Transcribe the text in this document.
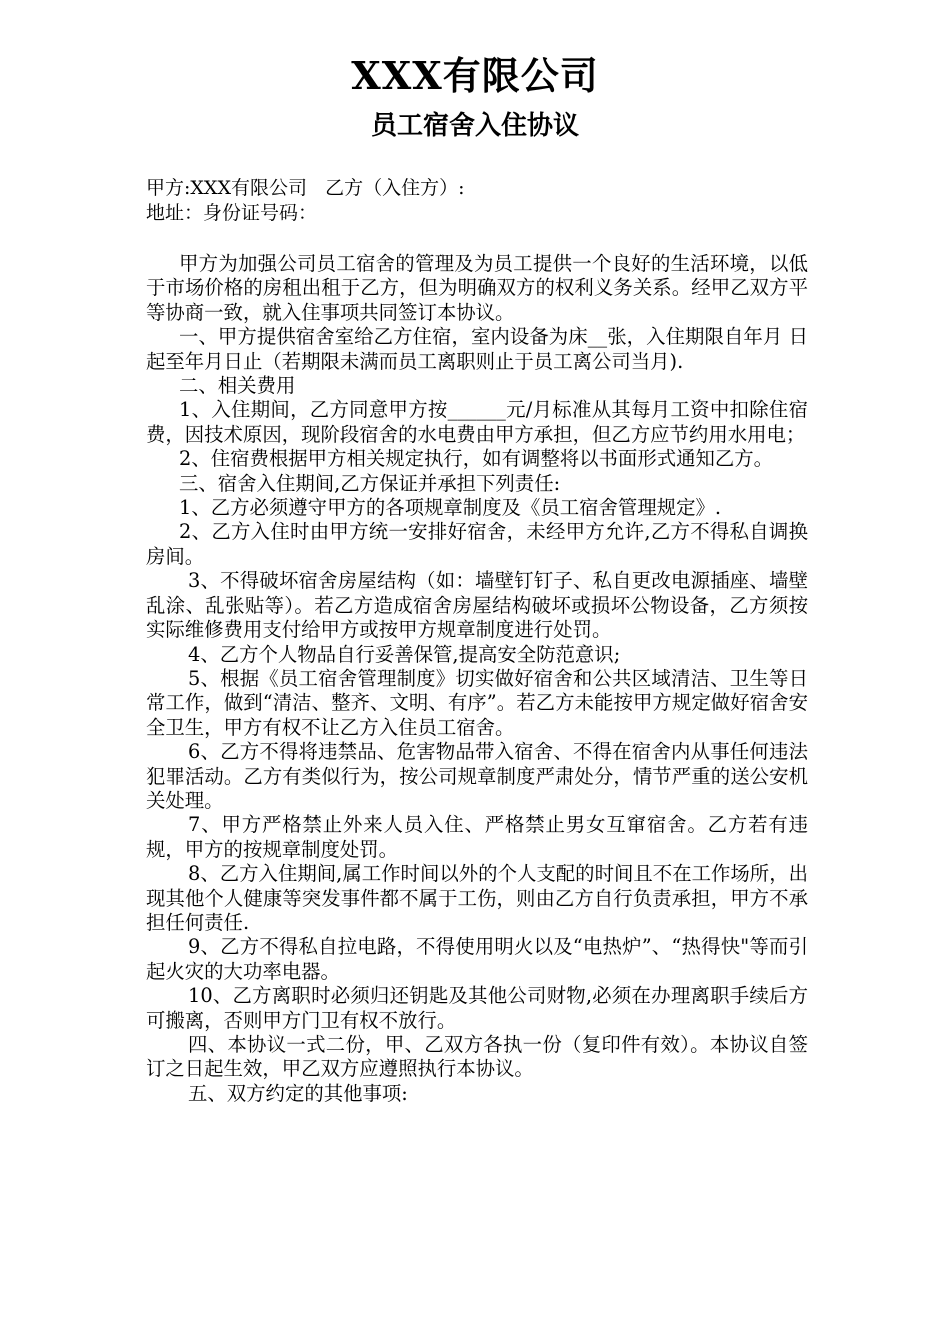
XXX有限公司
员工宿舍入住协议
甲方:XXX有限公司   乙方（入住方）:
地址：身份证号码：

甲方为加强公司员工宿舍的管理及为员工提供一个良好的生活环境，以低于市场价格的房租出租于乙方，但为明确双方的权利义务关系。经甲乙双方平等协商一致，就入住事项共同签订本协议。

一、甲方提供宿舍室给乙方住宿，室内设备为床__张，入住期限自年月 日起至年月日止（若期限未满而员工离职则止于员工离公司当月).

二、相关费用

1、入住期间，乙方同意甲方按______元/月标准从其每月工资中扣除住宿费，因技术原因，现阶段宿舍的水电费由甲方承担，但乙方应节约用水用电；

2、住宿费根据甲方相关规定执行，如有调整将以书面形式通知乙方。

三、宿舍入住期间,乙方保证并承担下列责任:

1、乙方必须遵守甲方的各项规章制度及《员工宿舍管理规定》.

2、乙方入住时由甲方统一安排好宿舍，未经甲方允许,乙方不得私自调换房间。

3、不得破坏宿舍房屋结构（如：墙壁钉钉子、私自更改电源插座、墙壁乱涂、乱张贴等）。若乙方造成宿舍房屋结构破坏或损坏公物设备，乙方须按实际维修费用支付给甲方或按甲方规章制度进行处罚。

4、乙方个人物品自行妥善保管,提高安全防范意识;

5、根据《员工宿舍管理制度》切实做好宿舍和公共区域清洁、卫生等日常工作，做到“清洁、整齐、文明、有序”。若乙方未能按甲方规定做好宿舍安全卫生，甲方有权不让乙方入住员工宿舍。

6、乙方不得将违禁品、危害物品带入宿舍、不得在宿舍内从事任何违法犯罪活动。乙方有类似行为，按公司规章制度严肃处分，情节严重的送公安机关处理。

7、甲方严格禁止外来人员入住、严格禁止男女互窜宿舍。乙方若有违规，甲方的按规章制度处罚。

8、乙方入住期间,属工作时间以外的个人支配的时间且不在工作场所，出现其他个人健康等突发事件都不属于工伤，则由乙方自行负责承担，甲方不承担任何责任.

9、乙方不得私自拉电路，不得使用明火以及“电热炉”、“热得快"等而引起火灾的大功率电器。

10、乙方离职时必须归还钥匙及其他公司财物,必须在办理离职手续后方可搬离，否则甲方门卫有权不放行。

四、本协议一式二份，甲、乙双方各执一份（复印件有效）。本协议自签订之日起生效，甲乙双方应遵照执行本协议。

五、双方约定的其他事项:
